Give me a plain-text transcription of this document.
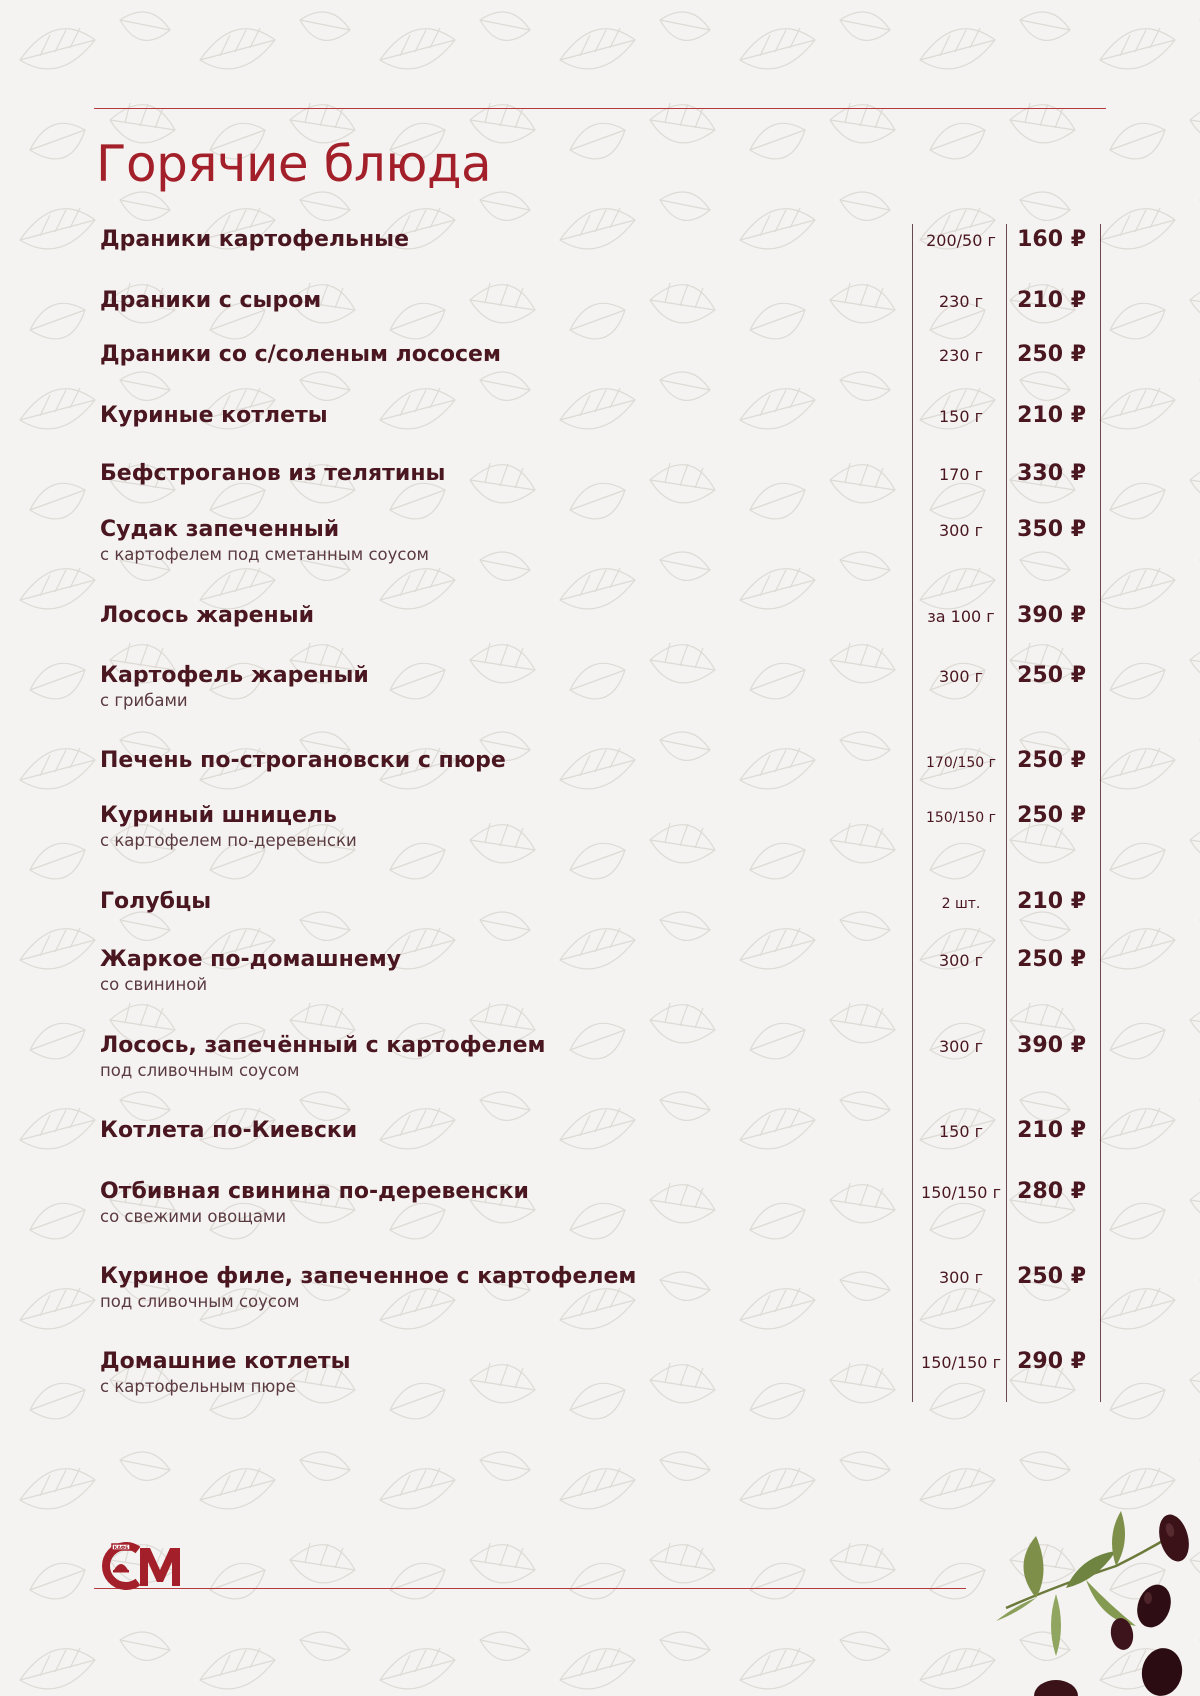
Горячие блюда
Драники картофельные	200/50 г 160 ₽
Драники с сыром	230 г	210 ₽
Драники со с/соленым лососем	230 г	250 ₽
Куриные котлеты	150 г	210 ₽
Бефстроганов из телятины	170 г	330 ₽
Судак запеченный
с картофелем под сметанным соусом
300 г	350 ₽
Лосось жареный	за 100 г	390 ₽
Картофель жареный
с грибами
300 г	250 ₽
Печень по-строгановски с пюре	170/150 г 250 ₽
Куриный шницель
с картофелем по-деревенски
150/150 г 250 ₽
Голубцы	2 шт.	210 ₽
Жаркое по-домашнему
со свининой
300 г	250 ₽
Лосось, запечённый с картофелем
под сливочным соусом
300 г	390 ₽
Котлета по-Киевски	150 г	210 ₽
Отбивная свинина по-деревенски
со свежими овощами
150/150 г 280 ₽
Куриное филе, запеченное с картофелем
под сливочным соусом
300 г	250 ₽
Домашние котлеты
с картофельным пюре
150/150 г 290 ₽
КАФЕ
